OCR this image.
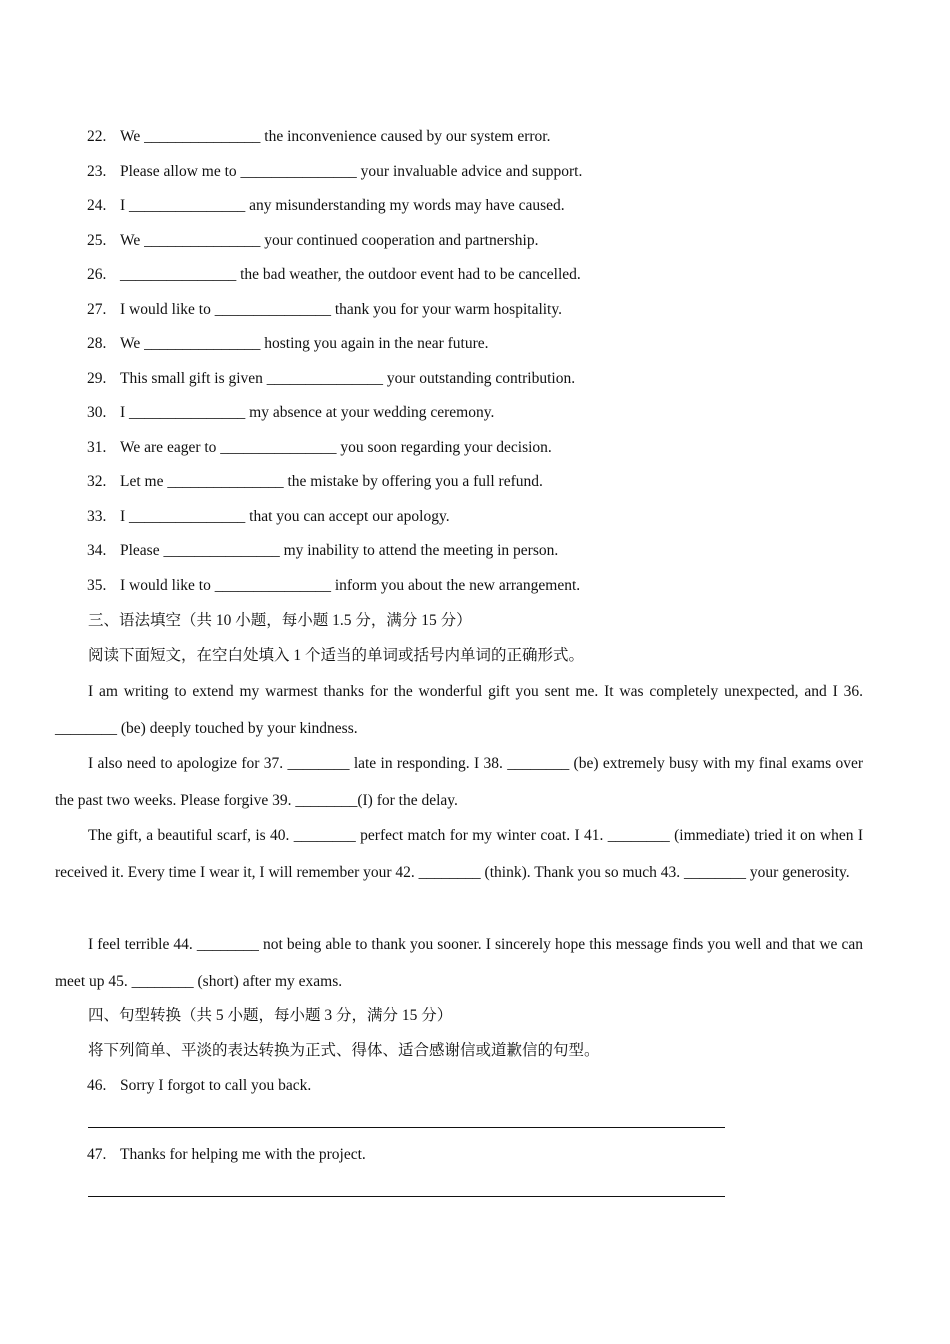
22. We _______________ the inconvenience caused by our system error.
23. Please allow me to _______________ your invaluable advice and support.
24. I _______________ any misunderstanding my words may have caused.
25. We _______________ your continued cooperation and partnership.
26. _______________ the bad weather, the outdoor event had to be cancelled.
27. I would like to _______________ thank you for your warm hospitality.
28. We _______________ hosting you again in the near future.
29. This small gift is given _______________ your outstanding contribution.
30. I _______________ my absence at your wedding ceremony.
31. We are eager to _______________ you soon regarding your decision.
32. Let me _______________ the mistake by offering you a full refund.
33. I _______________ that you can accept our apology.
34. Please _______________ my inability to attend the meeting in person.
35. I would like to _______________ inform you about the new arrangement.
三、语法填空（共 10 小题，每小题 1.5 分，满分 15 分）
阅读下面短文，在空白处填入 1 个适当的单词或括号内单词的正确形式。
I am writing to extend my warmest thanks for the wonderful gift you sent me. It was completely unexpected, and I 36. ________ (be) deeply touched by your kindness.
I also need to apologize for 37. ________ late in responding. I 38. ________ (be) extremely busy with my final exams over the past two weeks. Please forgive 39. ________(I) for the delay.
The gift, a beautiful scarf, is 40. ________ perfect match for my winter coat. I 41. ________ (immediate) tried it on when I received it. Every time I wear it, I will remember your 42. ________ (think). Thank you so much 43. ________ your generosity.
I feel terrible 44. ________ not being able to thank you sooner. I sincerely hope this message finds you well and that we can meet up 45. ________ (short) after my exams.
四、句型转换（共 5 小题，每小题 3 分，满分 15 分）
将下列简单、平淡的表达转换为正式、得体、适合感谢信或道歉信的句型。
46. Sorry I forgot to call you back.
47. Thanks for helping me with the project.
